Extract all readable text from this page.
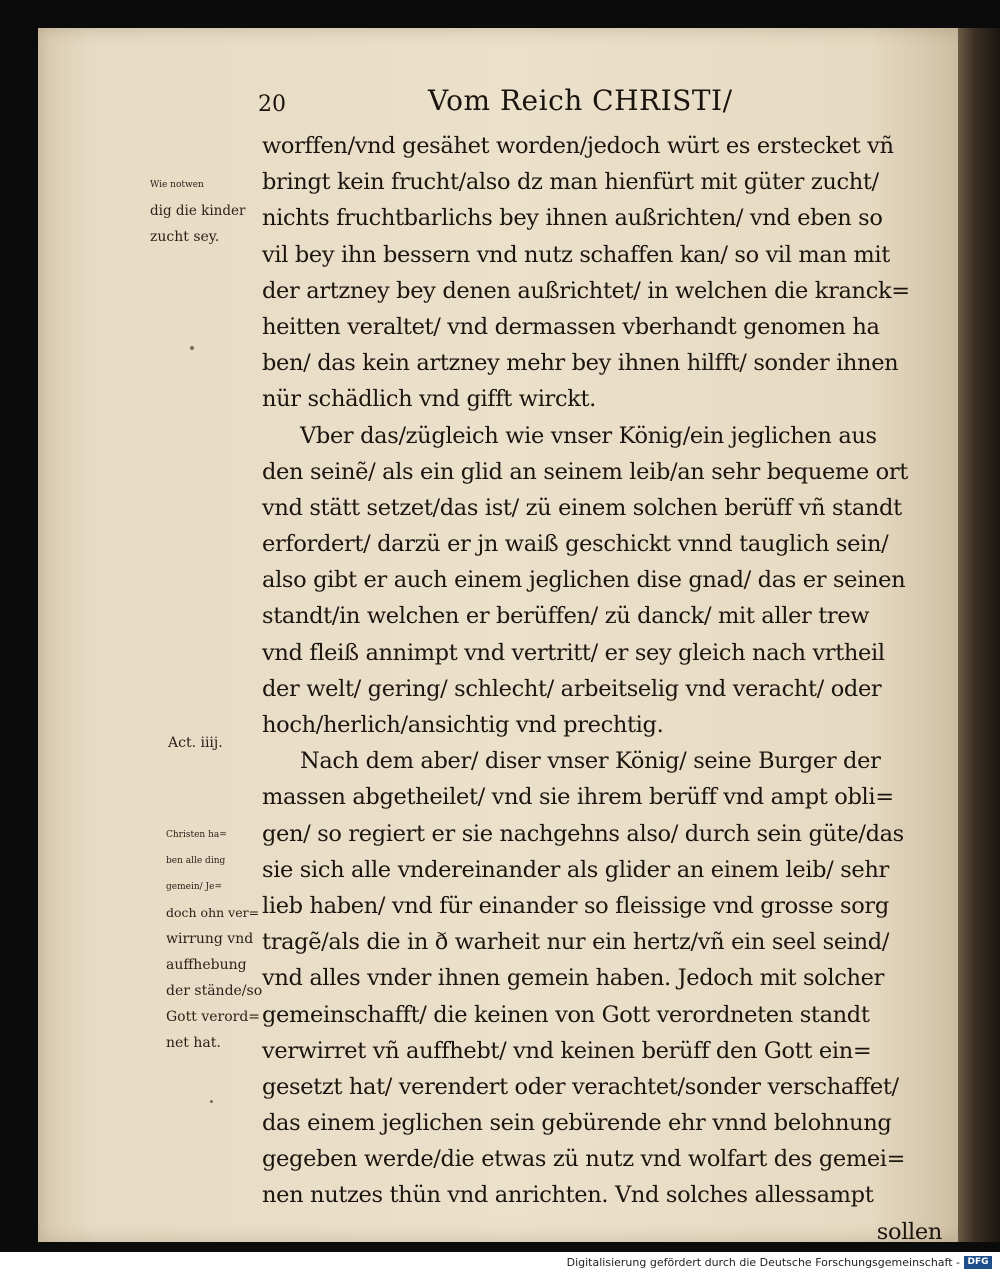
20	Vom Reich CHRISTI/
Wie notwen
dig die kinder
zucht sey.
Act. iiij.
Christen ha=
ben alle ding
gemein/ Je=
doch ohn ver=
wirrung vnd
auffhebung
der stände/so
Gott verord=
net hat.
worffen/vnd gesähet worden/jedoch würt es erstecket vñ
bringt kein frucht/also dz man hienfürt mit güter zucht/
nichts fruchtbarlichs bey ihnen außrichten/ vnd eben so
vil bey ihn bessern vnd nutz schaffen kan/ so vil man mit
der artzney bey denen außrichtet/ in welchen die kranck=
heitten veraltet/ vnd dermassen vberhandt genomen ha
ben/ das kein artzney mehr bey ihnen hilfft/ sonder ihnen
nür schädlich vnd gifft wirckt.
Vber das/zügleich wie vnser König/ein jeglichen aus
den seinẽ/ als ein glid an seinem leib/an sehr bequeme ort
vnd stätt setzet/das ist/ zü einem solchen berüff vñ standt
erfordert/ darzü er jn waiß geschickt vnnd tauglich sein/
also gibt er auch einem jeglichen dise gnad/ das er seinen
standt/in welchen er berüffen/ zü danck/ mit aller trew
vnd fleiß annimpt vnd vertritt/ er sey gleich nach vrtheil
der welt/ gering/ schlecht/ arbeitselig vnd veracht/ oder
hoch/herlich/ansichtig vnd prechtig.
Nach dem aber/ diser vnser König/ seine Burger der
massen abgetheilet/ vnd sie ihrem berüff vnd ampt obli=
gen/ so regiert er sie nachgehns also/ durch sein güte/das
sie sich alle vndereinander als glider an einem leib/ sehr
lieb haben/ vnd für einander so fleissige vnd grosse sorg
tragẽ/als die in ð warheit nur ein hertz/vñ ein seel seind/
vnd alles vnder ihnen gemein haben. Jedoch mit solcher
gemeinschafft/ die keinen von Gott verordneten standt
verwirret vñ auffhebt/ vnd keinen berüff den Gott ein=
gesetzt hat/ verendert oder verachtet/sonder verschaffet/
das einem jeglichen sein gebürende ehr vnnd belohnung
gegeben werde/die etwas zü nutz vnd wolfart des gemei=
nen nutzes thün vnd anrichten. Vnd solches allessampt
sollen
Digitalisierung gefördert durch die Deutsche Forschungsgemeinschaft - DFG
